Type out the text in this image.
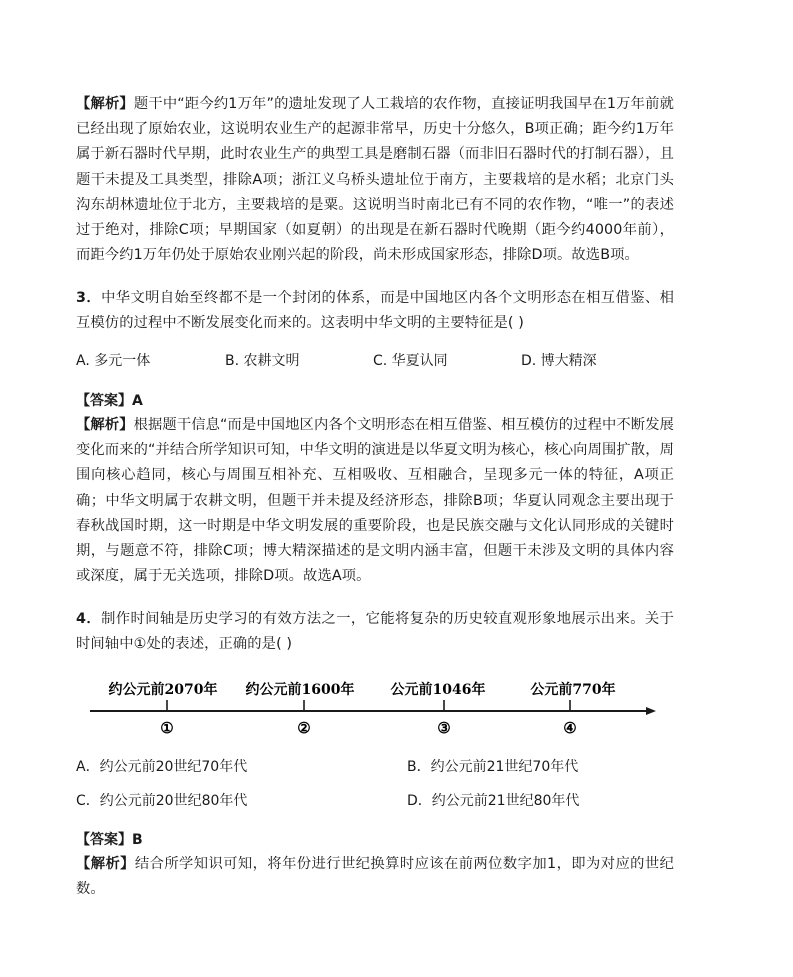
【解析】题干中“距今约1万年”的遗址发现了人工栽培的农作物，直接证明我国早在1万年前就已经出现了原始农业，这说明农业生产的起源非常早，历史十分悠久，B项正确；距今约1万年属于新石器时代早期，此时农业生产的典型工具是磨制石器（而非旧石器时代的打制石器），且题干未提及工具类型，排除A项；浙江义乌桥头遗址位于南方，主要栽培的是水稻；北京门头沟东胡林遗址位于北方，主要栽培的是粟。这说明当时南北已有不同的农作物，“唯一”的表述过于绝对，排除C项；早期国家（如夏朝）的出现是在新石器时代晚期（距今约4000年前），而距今约1万年仍处于原始农业刚兴起的阶段，尚未形成国家形态，排除D项。故选B项。
3．中华文明自始至终都不是一个封闭的体系，而是中国地区内各个文明形态在相互借鉴、相互模仿的过程中不断发展变化而来的。这表明中华文明的主要特征是( )
A. 多元一体	B. 农耕文明	C. 华夏认同	D. 博大精深
【答案】A
【解析】根据题干信息“而是中国地区内各个文明形态在相互借鉴、相互模仿的过程中不断发展变化而来的“并结合所学知识可知，中华文明的演进是以华夏文明为核心，核心向周围扩散，周围向核心趋同，核心与周围互相补充、互相吸收、互相融合，呈现多元一体的特征，A项正确；中华文明属于农耕文明，但题干并未提及经济形态，排除B项；华夏认同观念主要出现于春秋战国时期，这一时期是中华文明发展的重要阶段，也是民族交融与文化认同形成的关键时期，与题意不符，排除C项；博大精深描述的是文明内涵丰富，但题干未涉及文明的具体内容或深度，属于无关选项，排除D项。故选A项。
4．制作时间轴是历史学习的有效方法之一，它能将复杂的历史较直观形象地展示出来。关于时间轴中①处的表述，正确的是( )
约公元前2070年 约公元前1600年	公元前1046年	公元前770年
①	②	③	④
A．约公元前20世纪70年代	B．约公元前21世纪70年代
C．约公元前20世纪80年代	D．约公元前21世纪80年代
【答案】B
【解析】结合所学知识可知，将年份进行世纪换算时应该在前两位数字加1，即为对应的世纪数。
